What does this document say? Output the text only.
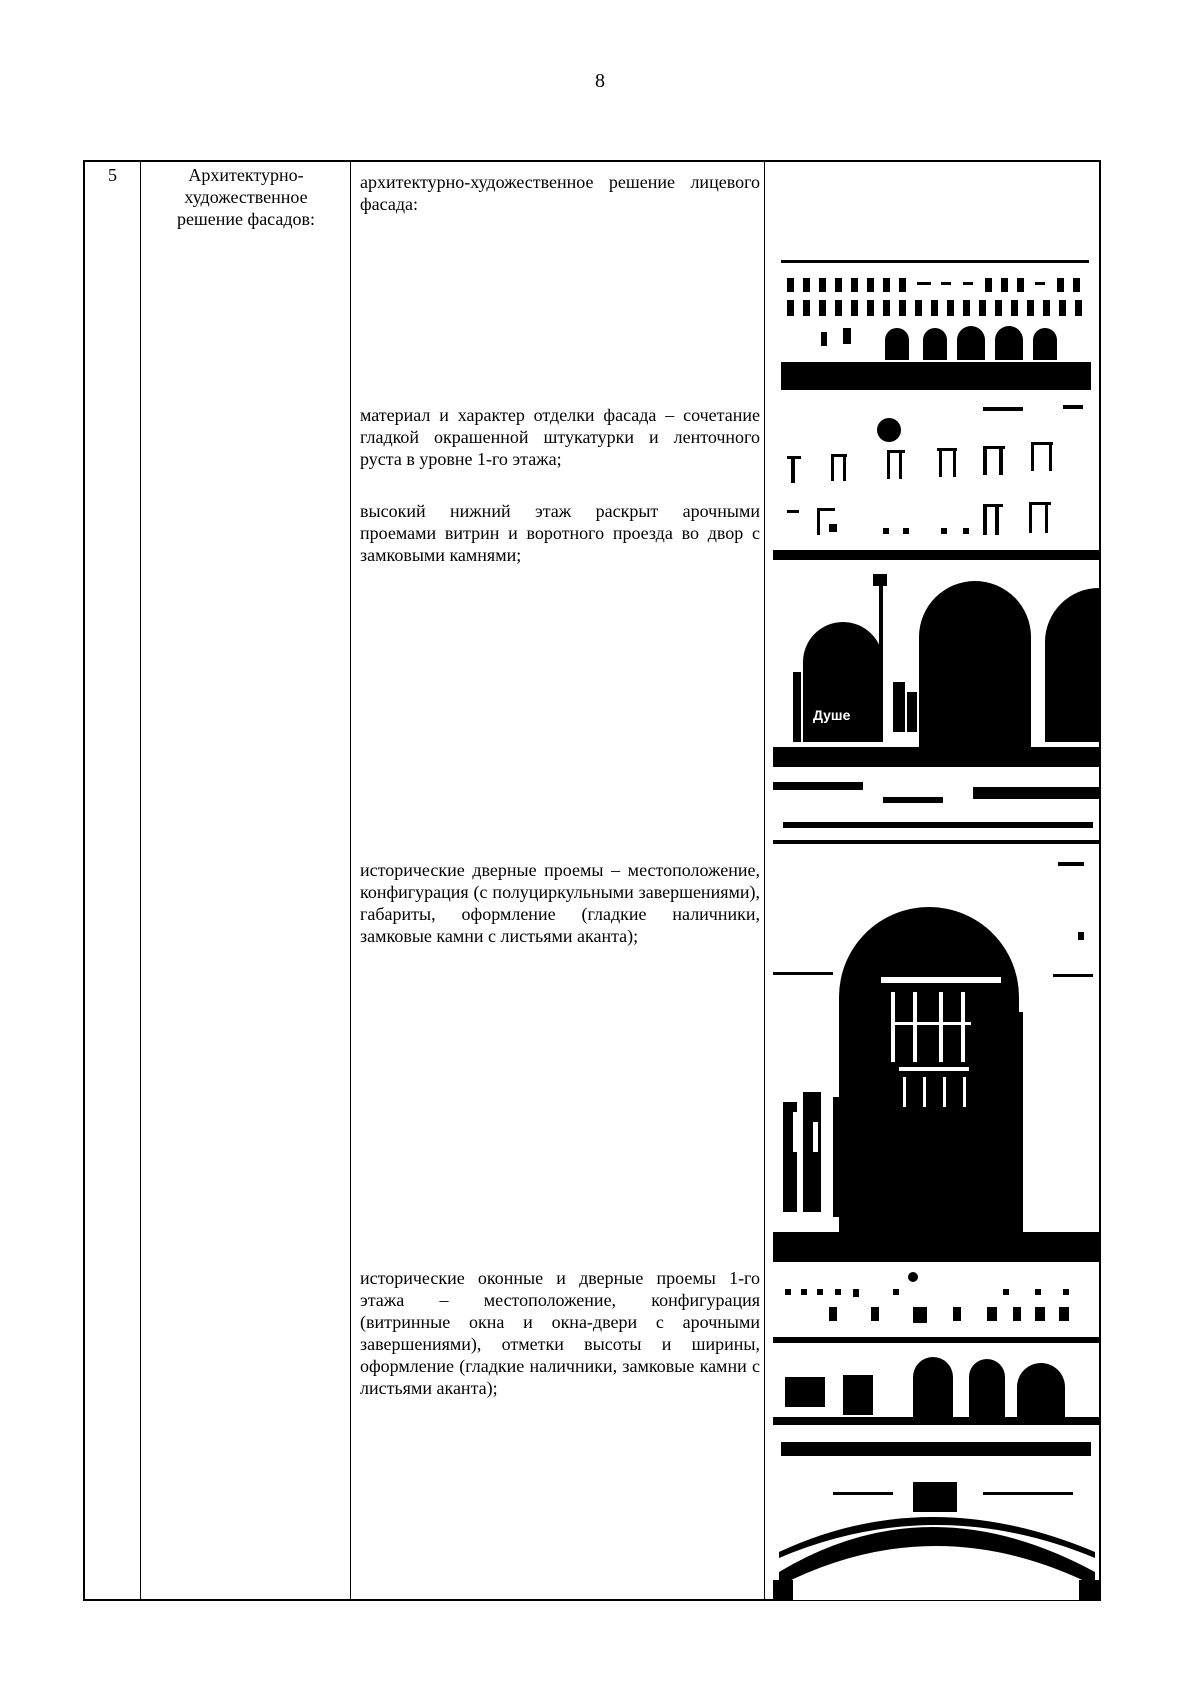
8
5	Архитектурно-
художественное
решение фасадов:
архитектурно-художественное решение лицевого фасада:
материал и характер отделки фасада – сочетание гладкой окрашенной штукатурки и ленточного руста в уровне 1-го этажа;
высокий нижний этаж раскрыт арочными проемами витрин и воротного проезда во двор с замковыми камнями;
исторические дверные проемы – местоположение, конфигурация (с полуциркульными завершениями), габариты, оформление (гладкие наличники, замковые камни с листьями аканта);
исторические оконные и дверные проемы 1-го этажа – местоположение, конфигурация (витринные окна и окна-двери с арочными завершениями), отметки высоты и ширины, оформление (гладкие наличники, замковые камни с листьями аканта);
Душе
